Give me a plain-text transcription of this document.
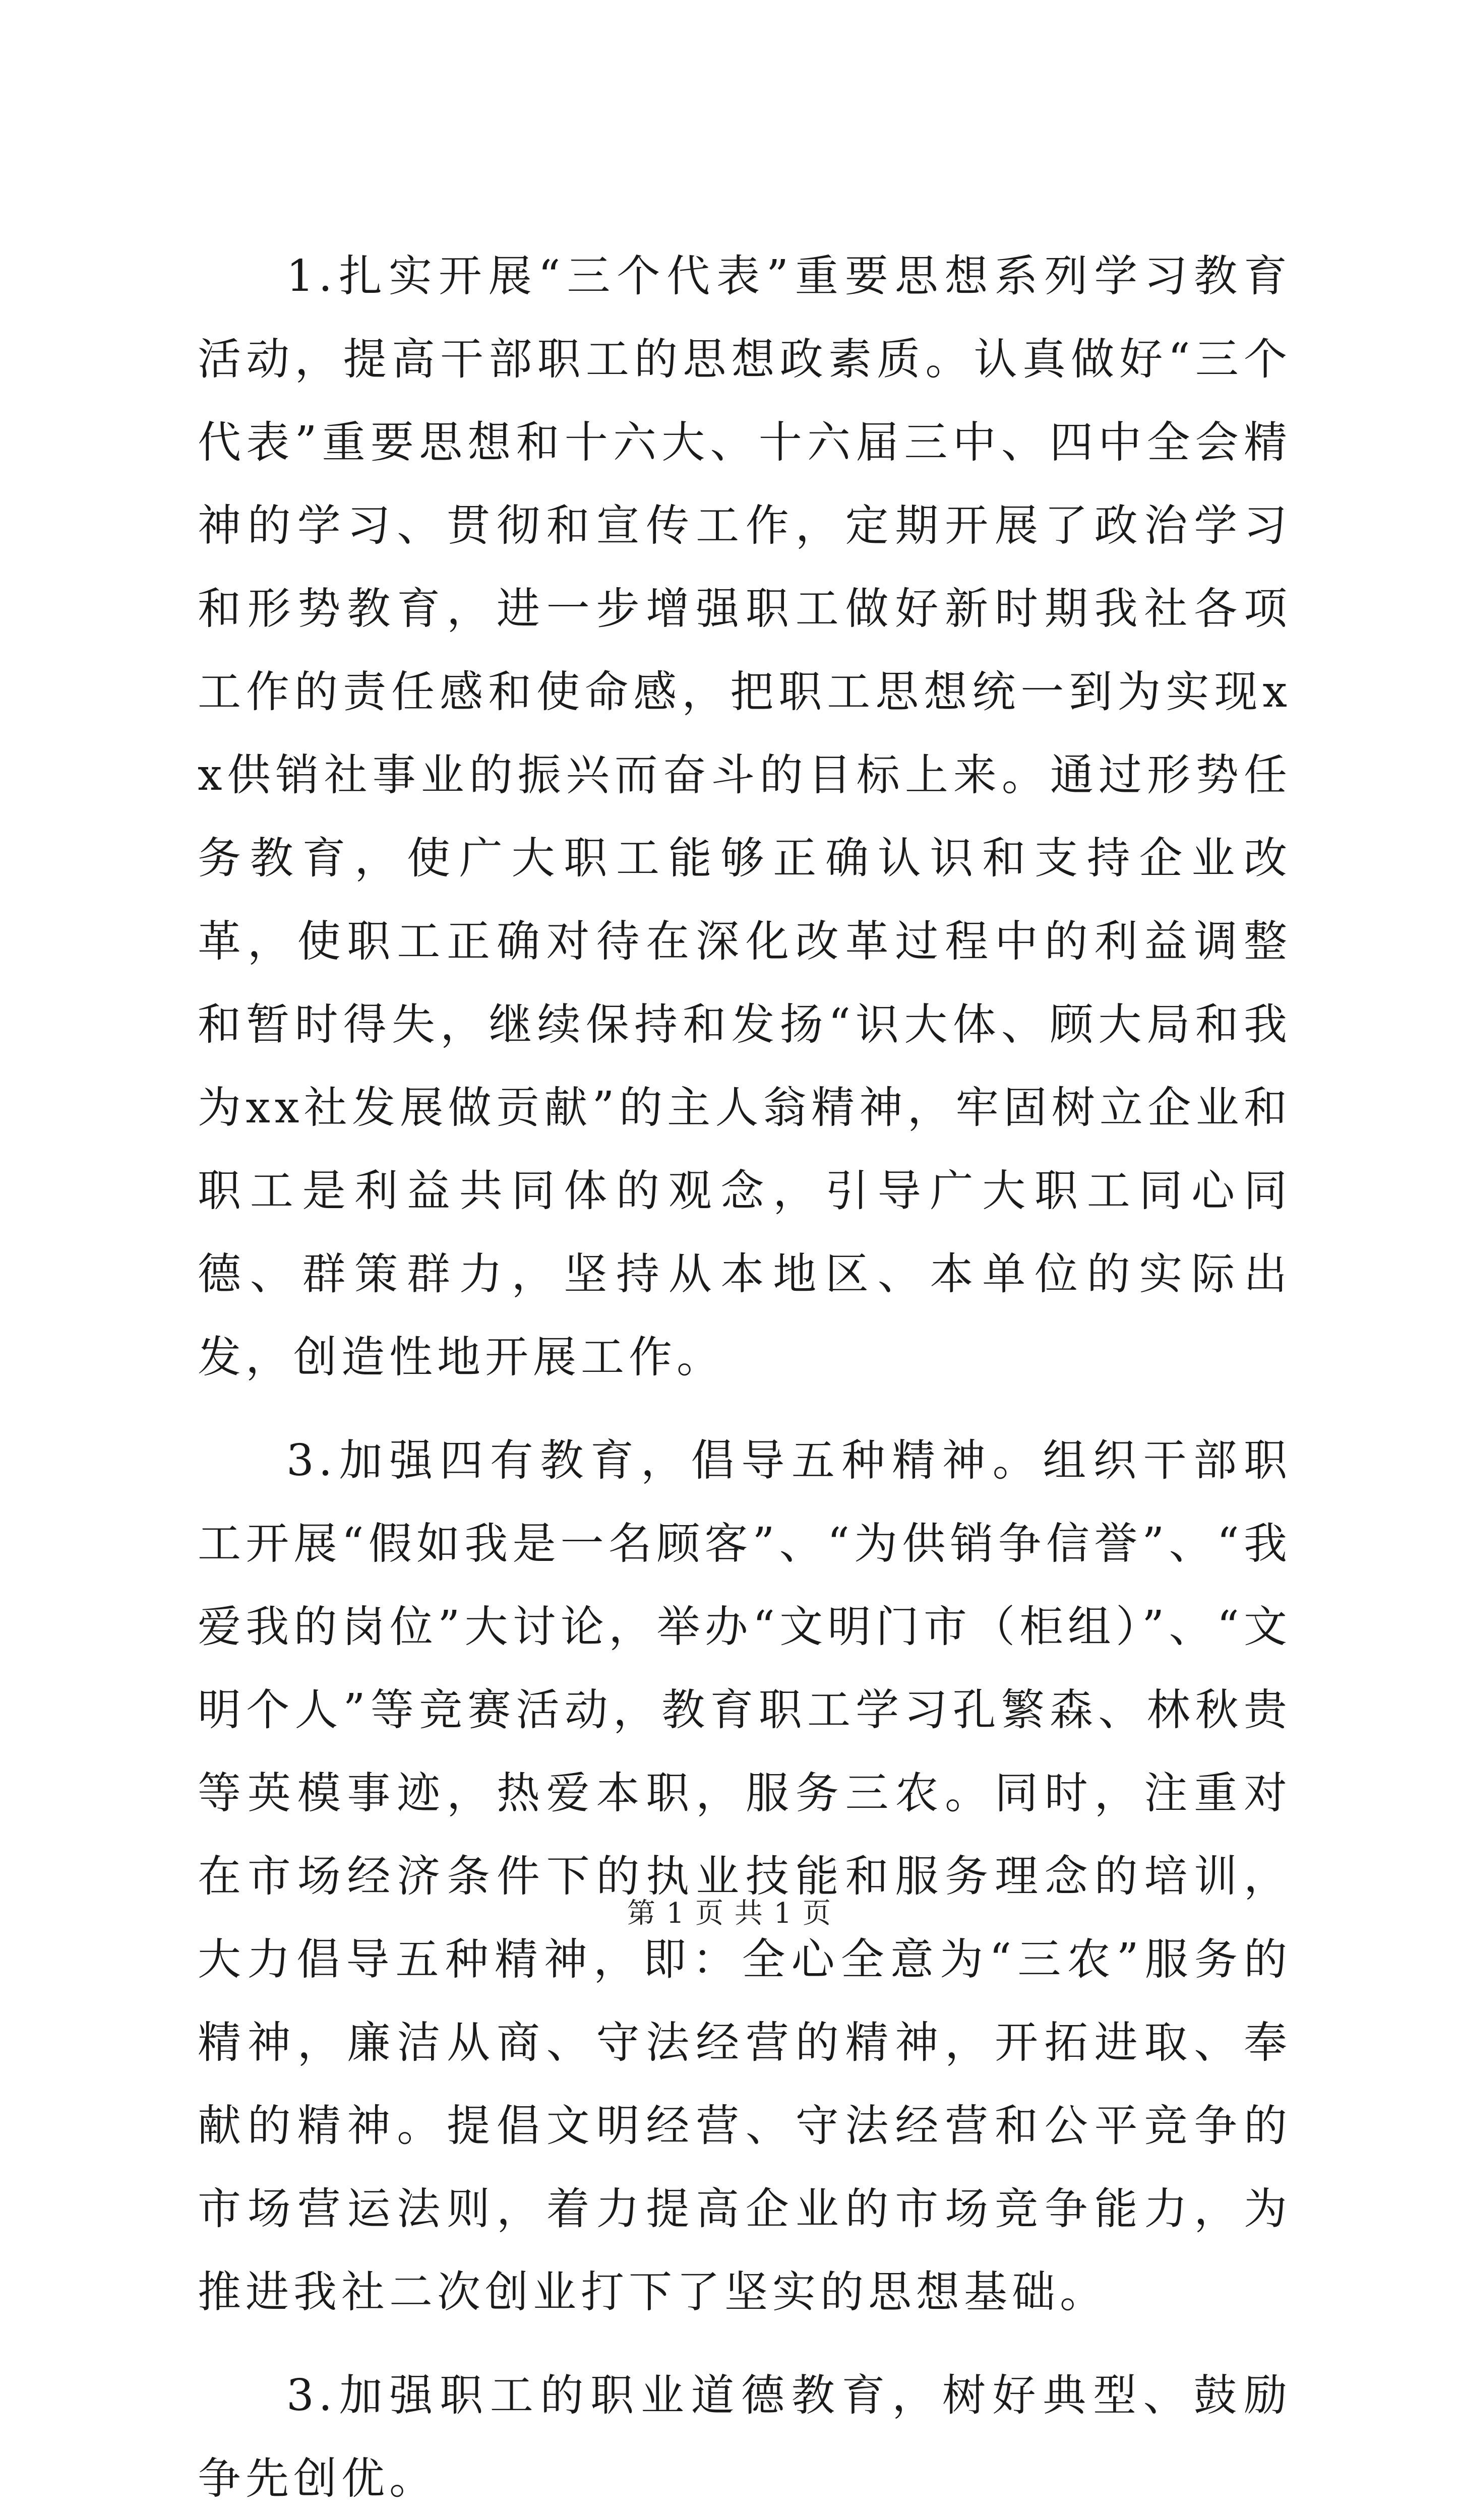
1.扎实开展“三个代表”重要思想系列学习教育活动，提高干部职工的思想政素质。认真做好“三个代表”重要思想和十六大、十六届三中、四中全会精神的学习、贯彻和宣传工作，定期开展了政治学习和形势教育，进一步增强职工做好新时期我社各项工作的责任感和使命感，把职工思想统一到为实现xx供销社事业的振兴而奋斗的目标上来。通过形势任务教育，使广大职工能够正确认识和支持企业改革，使职工正确对待在深化改革过程中的利益调整和暂时得失，继续保持和发扬“识大体、顾大局和我为xx社发展做贡献”的主人翁精神，牢固树立企业和职工是利益共同体的观念，引导广大职工同心同德、群策群力，坚持从本地区、本单位的实际出发，创造性地开展工作。

3.加强四有教育，倡导五种精神。组织干部职工开展“假如我是一名顾客”、“为供销争信誉”、“我爱我的岗位”大讨论，举办“文明门市（柜组）”、“文明个人”等竞赛活动，教育职工学习孔繁森、林秋贵等英模事迹，热爱本职，服务三农。同时，注重对在市场经济条件下的执业技能和服务理念的培训，大力倡导五种精神，即：全心全意为“三农”服务的精神，廉洁从商、守法经营的精神，开拓进取、奉献的精神。提倡文明经营、守法经营和公平竞争的市场营运法则，着力提高企业的市场竞争能力，为推进我社二次创业打下了坚实的思想基础。

3.加强职工的职业道德教育，树好典型、鼓励争先创优。

第 1 页 共 1 页
